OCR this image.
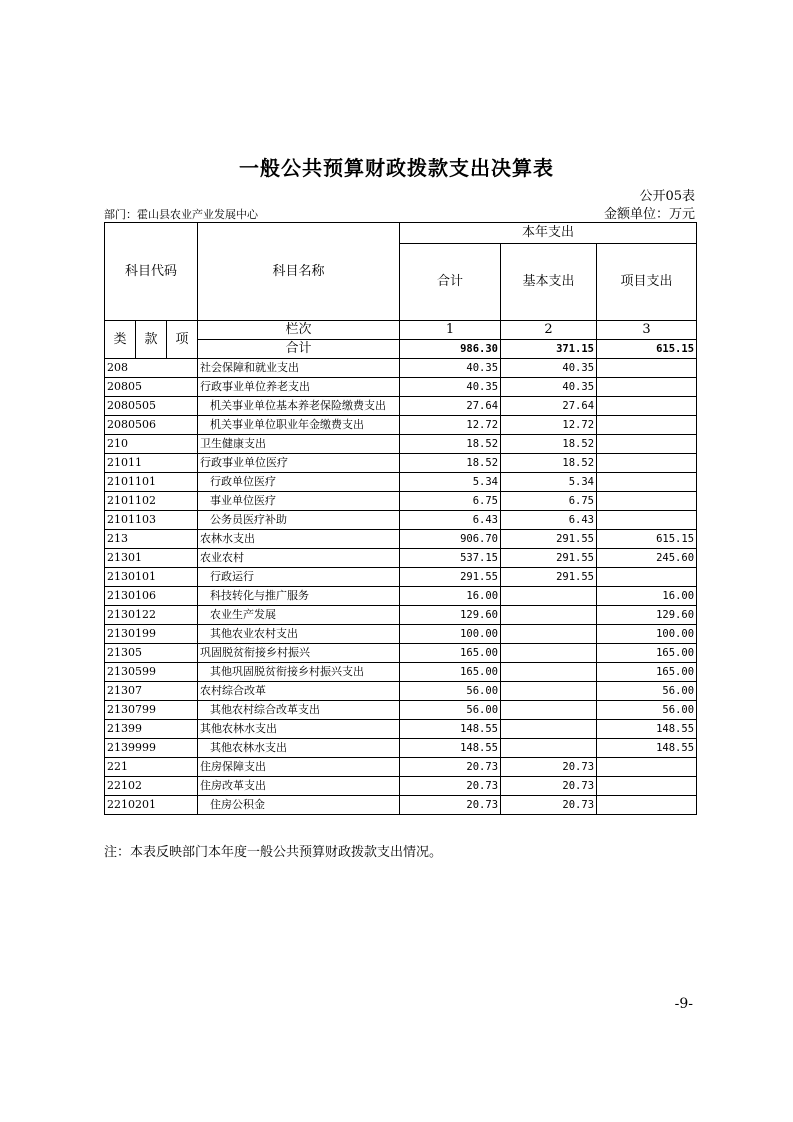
一般公共预算财政拨款支出决算表
公开05表
部门：霍山县农业产业发展中心	金额单位：万元
科目代码			科目名称	本年支出		
				合计	基本支出	项目支出
类	款	项	栏次	1	2	3
			合计	986.30	371.15	615.15
208			社会保障和就业支出	40.35	40.35	
20805			行政事业单位养老支出	40.35	40.35	
2080505			机关事业单位基本养老保险缴费支出	27.64	27.64	
2080506			机关事业单位职业年金缴费支出	12.72	12.72	
210			卫生健康支出	18.52	18.52	
21011			行政事业单位医疗	18.52	18.52	
2101101			行政单位医疗	5.34	5.34	
2101102			事业单位医疗	6.75	6.75	
2101103			公务员医疗补助	6.43	6.43	
213			农林水支出	906.70	291.55	615.15
21301			农业农村	537.15	291.55	245.60
2130101			行政运行	291.55	291.55	
2130106			科技转化与推广服务	16.00		16.00
2130122			农业生产发展	129.60		129.60
2130199			其他农业农村支出	100.00		100.00
21305			巩固脱贫衔接乡村振兴	165.00		165.00
2130599			其他巩固脱贫衔接乡村振兴支出	165.00		165.00
21307			农村综合改革	56.00		56.00
2130799			其他农村综合改革支出	56.00		56.00
21399			其他农林水支出	148.55		148.55
2139999			其他农林水支出	148.55		148.55
221			住房保障支出	20.73	20.73	
22102			住房改革支出	20.73	20.73	
2210201			住房公积金	20.73	20.73	
注：本表反映部门本年度一般公共预算财政拨款支出情况。
-9-
